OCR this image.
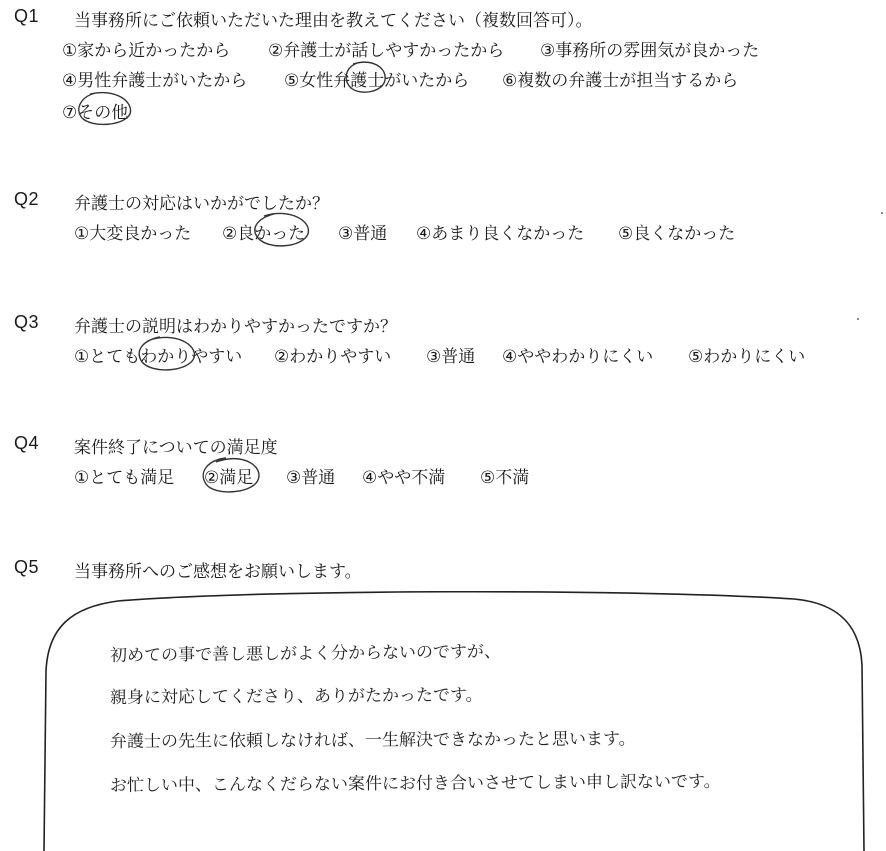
Q1 当事務所にご依頼いただいた理由を教えてください（複数回答可）。
①家から近かったから ②弁護士が話しやすかったから ③事務所の雰囲気が良かった
④男性弁護士がいたから ⑤女性弁護士がいたから ⑥複数の弁護士が担当するから
⑦その他
Q2 弁護士の対応はいかがでしたか？
①大変良かった ②良かった ③普通 ④あまり良くなかった ⑤良くなかった
Q3 弁護士の説明はわかりやすかったですか？
①とてもわかりやすい ②わかりやすい ③普通 ④ややわかりにくい ⑤わかりにくい
Q4 案件終了についての満足度
①とても満足 ②満足 ③普通 ④やや不満 ⑤不満
Q5 当事務所へのご感想をお願いします。
初めての事で善し悪しがよく分からないのですが、
親身に対応してくださり、ありがたかったです。
弁護士の先生に依頼しなければ、一生解決できなかったと思います。
お忙しい中、こんなくだらない案件にお付き合いさせてしまい申し訳ないです。
